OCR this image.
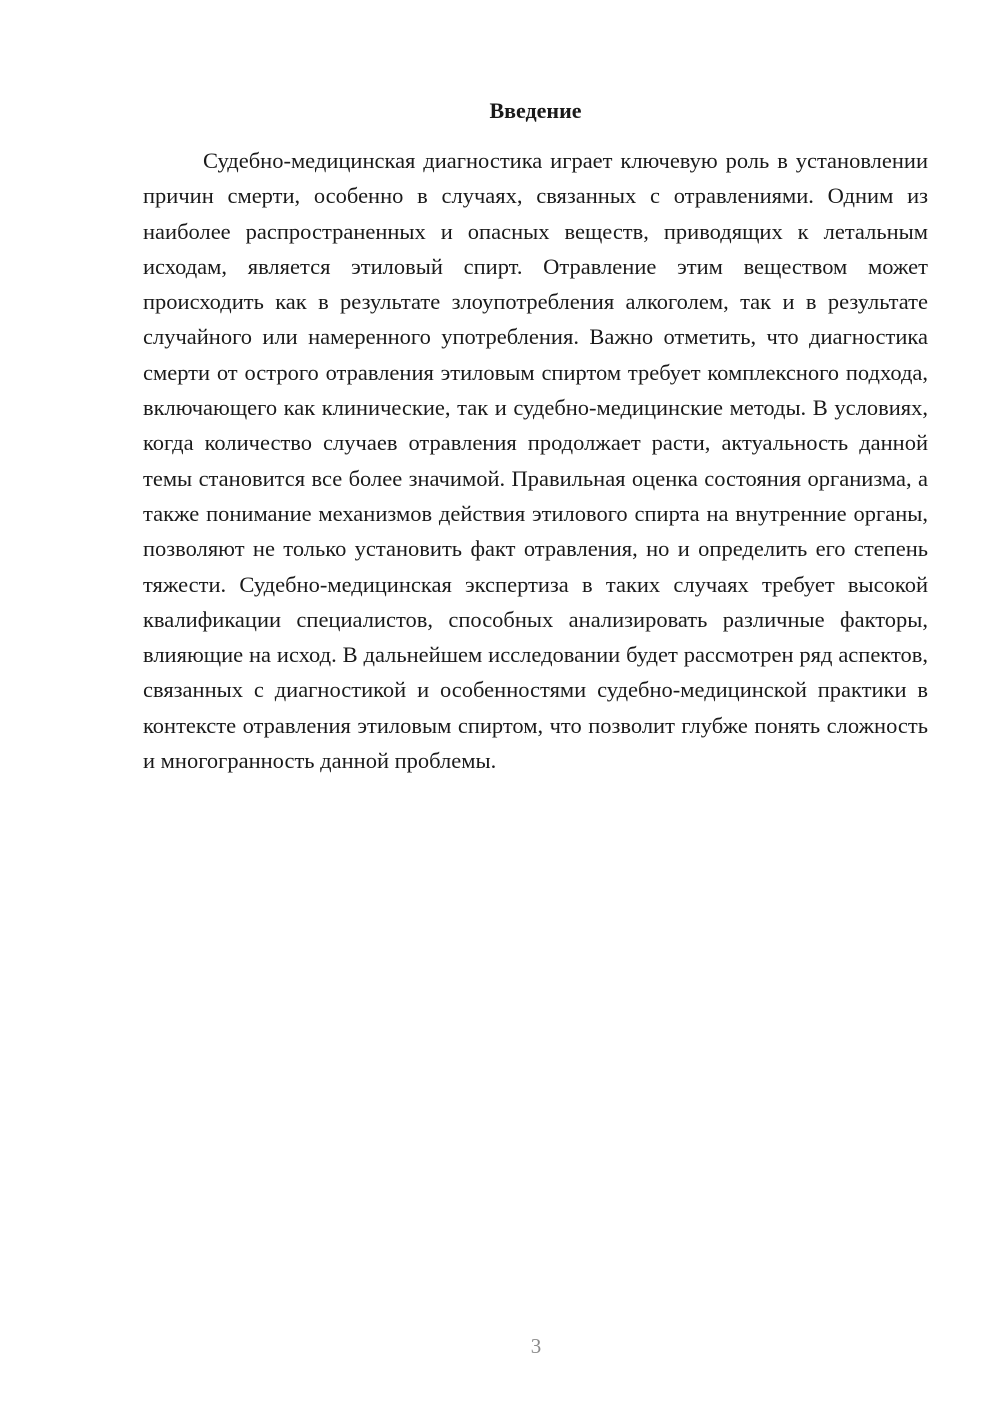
Введение

Судебно-медицинская диагностика играет ключевую роль в установлении причин смерти, особенно в случаях, связанных с отравлениями. Одним из наиболее распространенных и опасных веществ, приводящих к летальным исходам, является этиловый спирт. Отравление этим веществом может происходить как в результате злоупотребления алкоголем, так и в результате случайного или намеренного употребления. Важно отметить, что диагностика смерти от острого отравления этиловым спиртом требует комплексного подхода, включающего как клинические, так и судебно-медицинские методы. В условиях, когда количество случаев отравления продолжает расти, актуальность данной темы становится все более значимой. Правильная оценка состояния организма, а также понимание механизмов действия этилового спирта на внутренние органы, позволяют не только установить факт отравления, но и определить его степень тяжести. Судебно-медицинская экспертиза в таких случаях требует высокой квалификации специалистов, способных анализировать различные факторы, влияющие на исход. В дальнейшем исследовании будет рассмотрен ряд аспектов, связанных с диагностикой и особенностями судебно-медицинской практики в контексте отравления этиловым спиртом, что позволит глубже понять сложность и многогранность данной проблемы.

3
